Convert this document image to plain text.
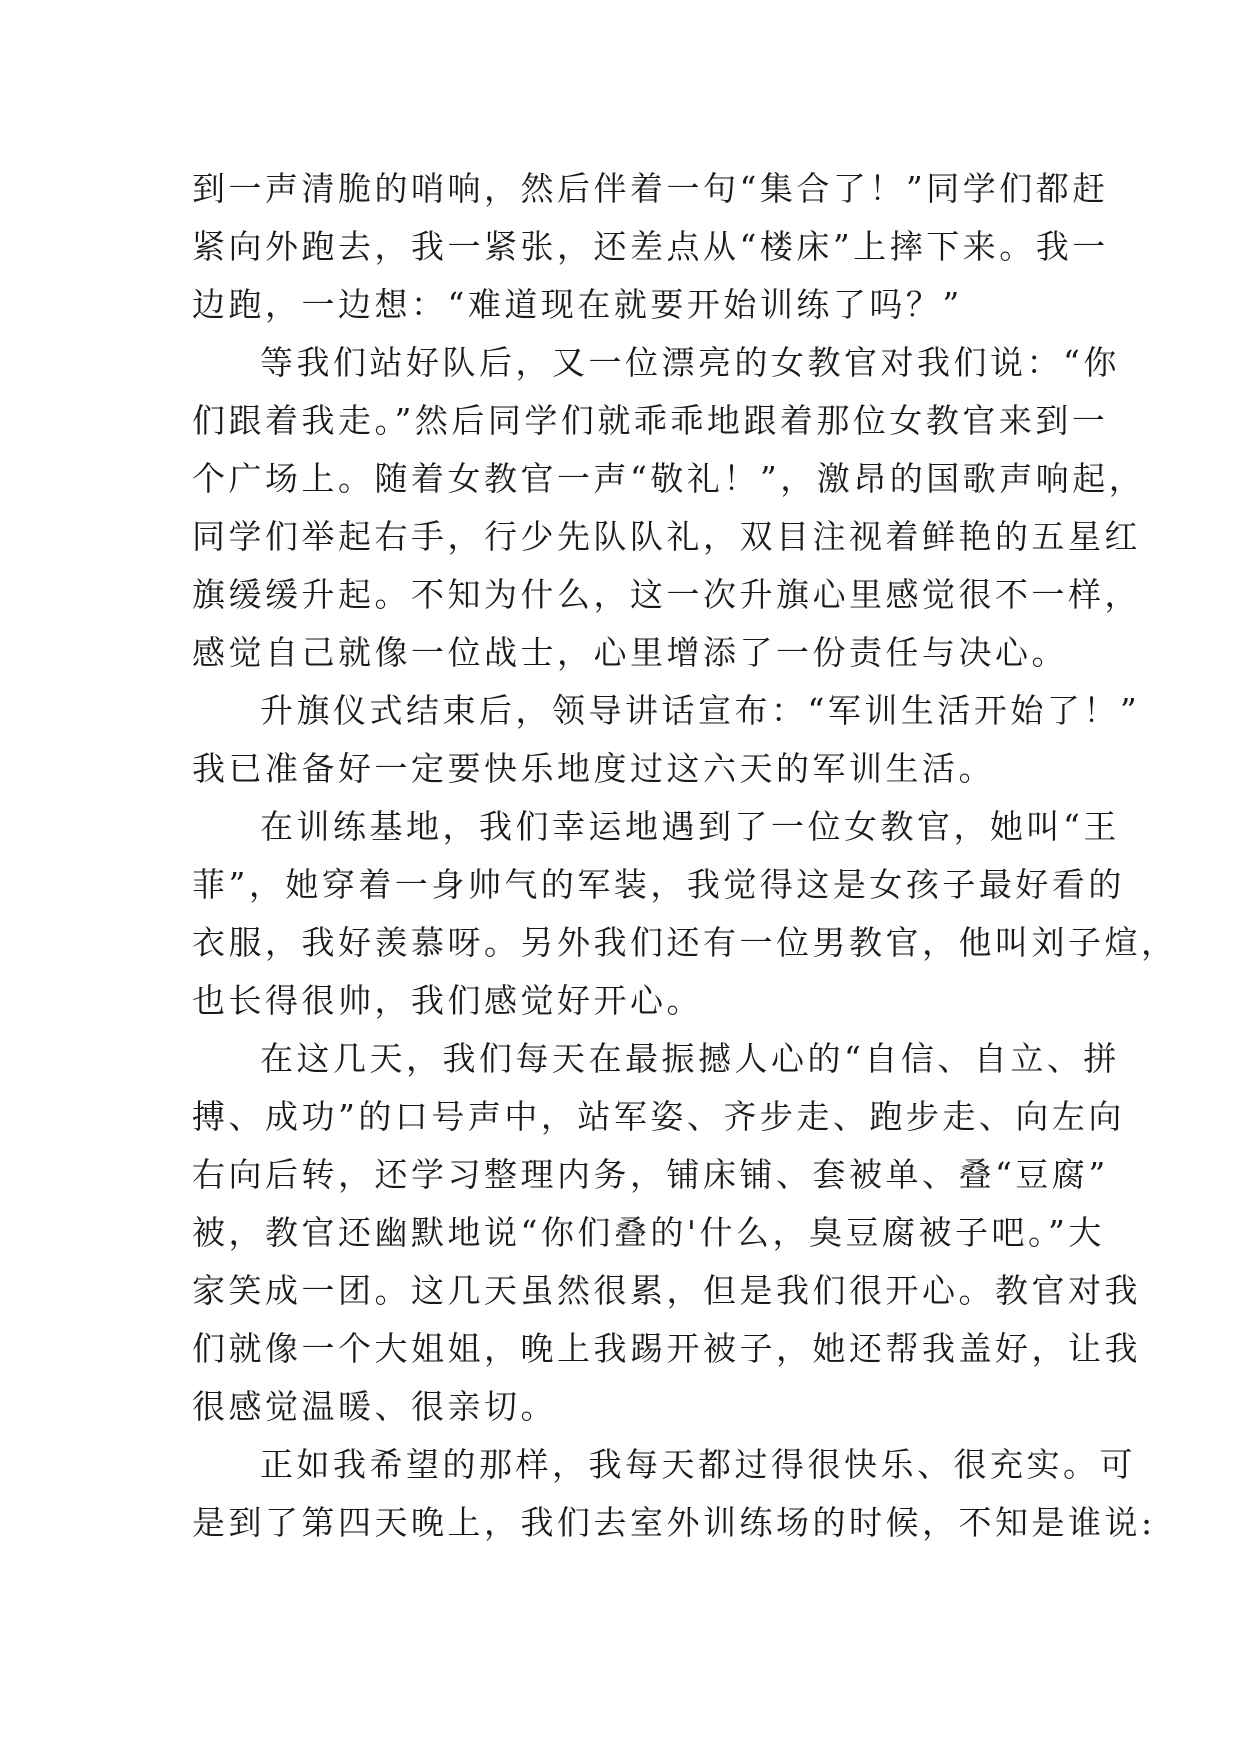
到一声清脆的哨响，然后伴着一句“集合了！”同学们都赶
紧向外跑去，我一紧张，还差点从“楼床”上摔下来。我一
边跑，一边想：“难道现在就要开始训练了吗？”
等我们站好队后，又一位漂亮的女教官对我们说：“你
们跟着我走。”然后同学们就乖乖地跟着那位女教官来到一
个广场上。随着女教官一声“敬礼！”，激昂的国歌声响起，
同学们举起右手，行少先队队礼，双目注视着鲜艳的五星红
旗缓缓升起。不知为什么，这一次升旗心里感觉很不一样，
感觉自己就像一位战士，心里增添了一份责任与决心。
升旗仪式结束后，领导讲话宣布：“军训生活开始了！”
我已准备好一定要快乐地度过这六天的军训生活。
在训练基地，我们幸运地遇到了一位女教官，她叫“王
菲”，她穿着一身帅气的军装，我觉得这是女孩子最好看的
衣服，我好羡慕呀。另外我们还有一位男教官，他叫刘子煊，
也长得很帅，我们感觉好开心。
在这几天，我们每天在最振撼人心的“自信、自立、拼
搏、成功”的口号声中，站军姿、齐步走、跑步走、向左向
右向后转，还学习整理内务，铺床铺、套被单、叠“豆腐”
被，教官还幽默地说“你们叠的'什么，臭豆腐被子吧。”大
家笑成一团。这几天虽然很累，但是我们很开心。教官对我
们就像一个大姐姐，晚上我踢开被子，她还帮我盖好，让我
很感觉温暖、很亲切。
正如我希望的那样，我每天都过得很快乐、很充实。可
是到了第四天晚上，我们去室外训练场的时候，不知是谁说:
